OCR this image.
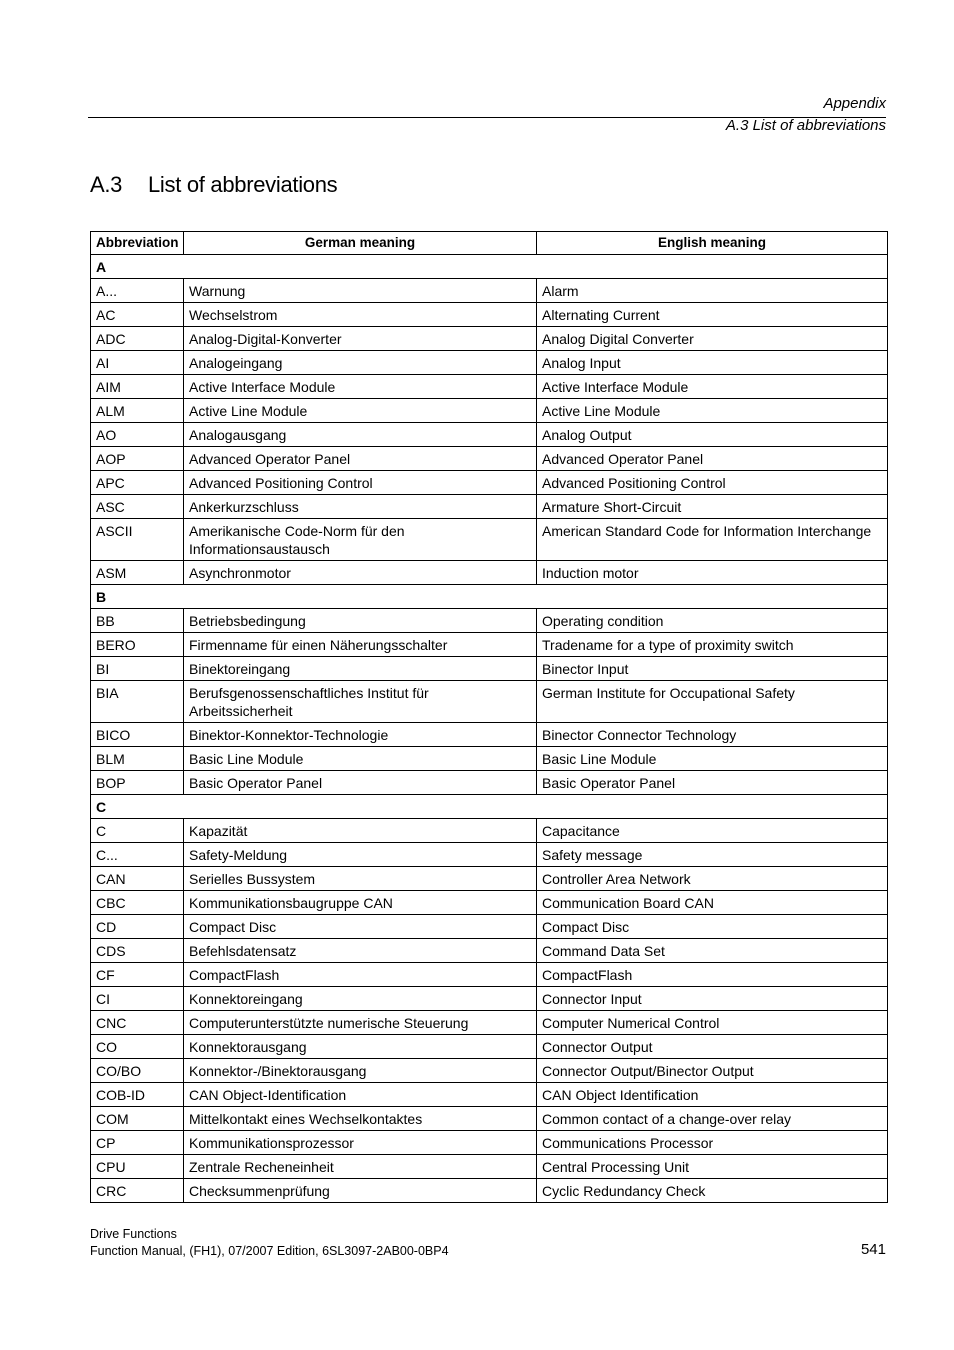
Appendix
A.3 List of abbreviations
A.3 List of abbreviations
Abbreviation	German meaning	English meaning
A		
A...	Warnung	Alarm
AC	Wechselstrom	Alternating Current
ADC	Analog-Digital-Konverter	Analog Digital Converter
AI	Analogeingang	Analog Input
AIM	Active Interface Module	Active Interface Module
ALM	Active Line Module	Active Line Module
AO	Analogausgang	Analog Output
AOP	Advanced Operator Panel	Advanced Operator Panel
APC	Advanced Positioning Control	Advanced Positioning Control
ASC	Ankerkurzschluss	Armature Short-Circuit
ASCII	Amerikanische Code-Norm für den Informationsaustausch	American Standard Code for Information Interchange
ASM	Asynchronmotor	Induction motor
B		
BB	Betriebsbedingung	Operating condition
BERO	Firmenname für einen Näherungsschalter	Tradename for a type of proximity switch
BI	Binektoreingang	Binector Input
BIA	Berufsgenossenschaftliches Institut für Arbeitssicherheit	German Institute for Occupational Safety
BICO	Binektor-Konnektor-Technologie	Binector Connector Technology
BLM	Basic Line Module	Basic Line Module
BOP	Basic Operator Panel	Basic Operator Panel
C		
C	Kapazität	Capacitance
C...	Safety-Meldung	Safety message
CAN	Serielles Bussystem	Controller Area Network
CBC	Kommunikationsbaugruppe CAN	Communication Board CAN
CD	Compact Disc	Compact Disc
CDS	Befehlsdatensatz	Command Data Set
CF	CompactFlash	CompactFlash
CI	Konnektoreingang	Connector Input
CNC	Computerunterstützte numerische Steuerung	Computer Numerical Control
CO	Konnektorausgang	Connector Output
CO/BO	Konnektor-/Binektorausgang	Connector Output/Binector Output
COB-ID	CAN Object-Identification	CAN Object Identification
COM	Mittelkontakt eines Wechselkontaktes	Common contact of a change-over relay
CP	Kommunikationsprozessor	Communications Processor
CPU	Zentrale Recheneinheit	Central Processing Unit
CRC	Checksummenprüfung	Cyclic Redundancy Check
Drive Functions
Function Manual, (FH1), 07/2007 Edition, 6SL3097-2AB00-0BP4	541
